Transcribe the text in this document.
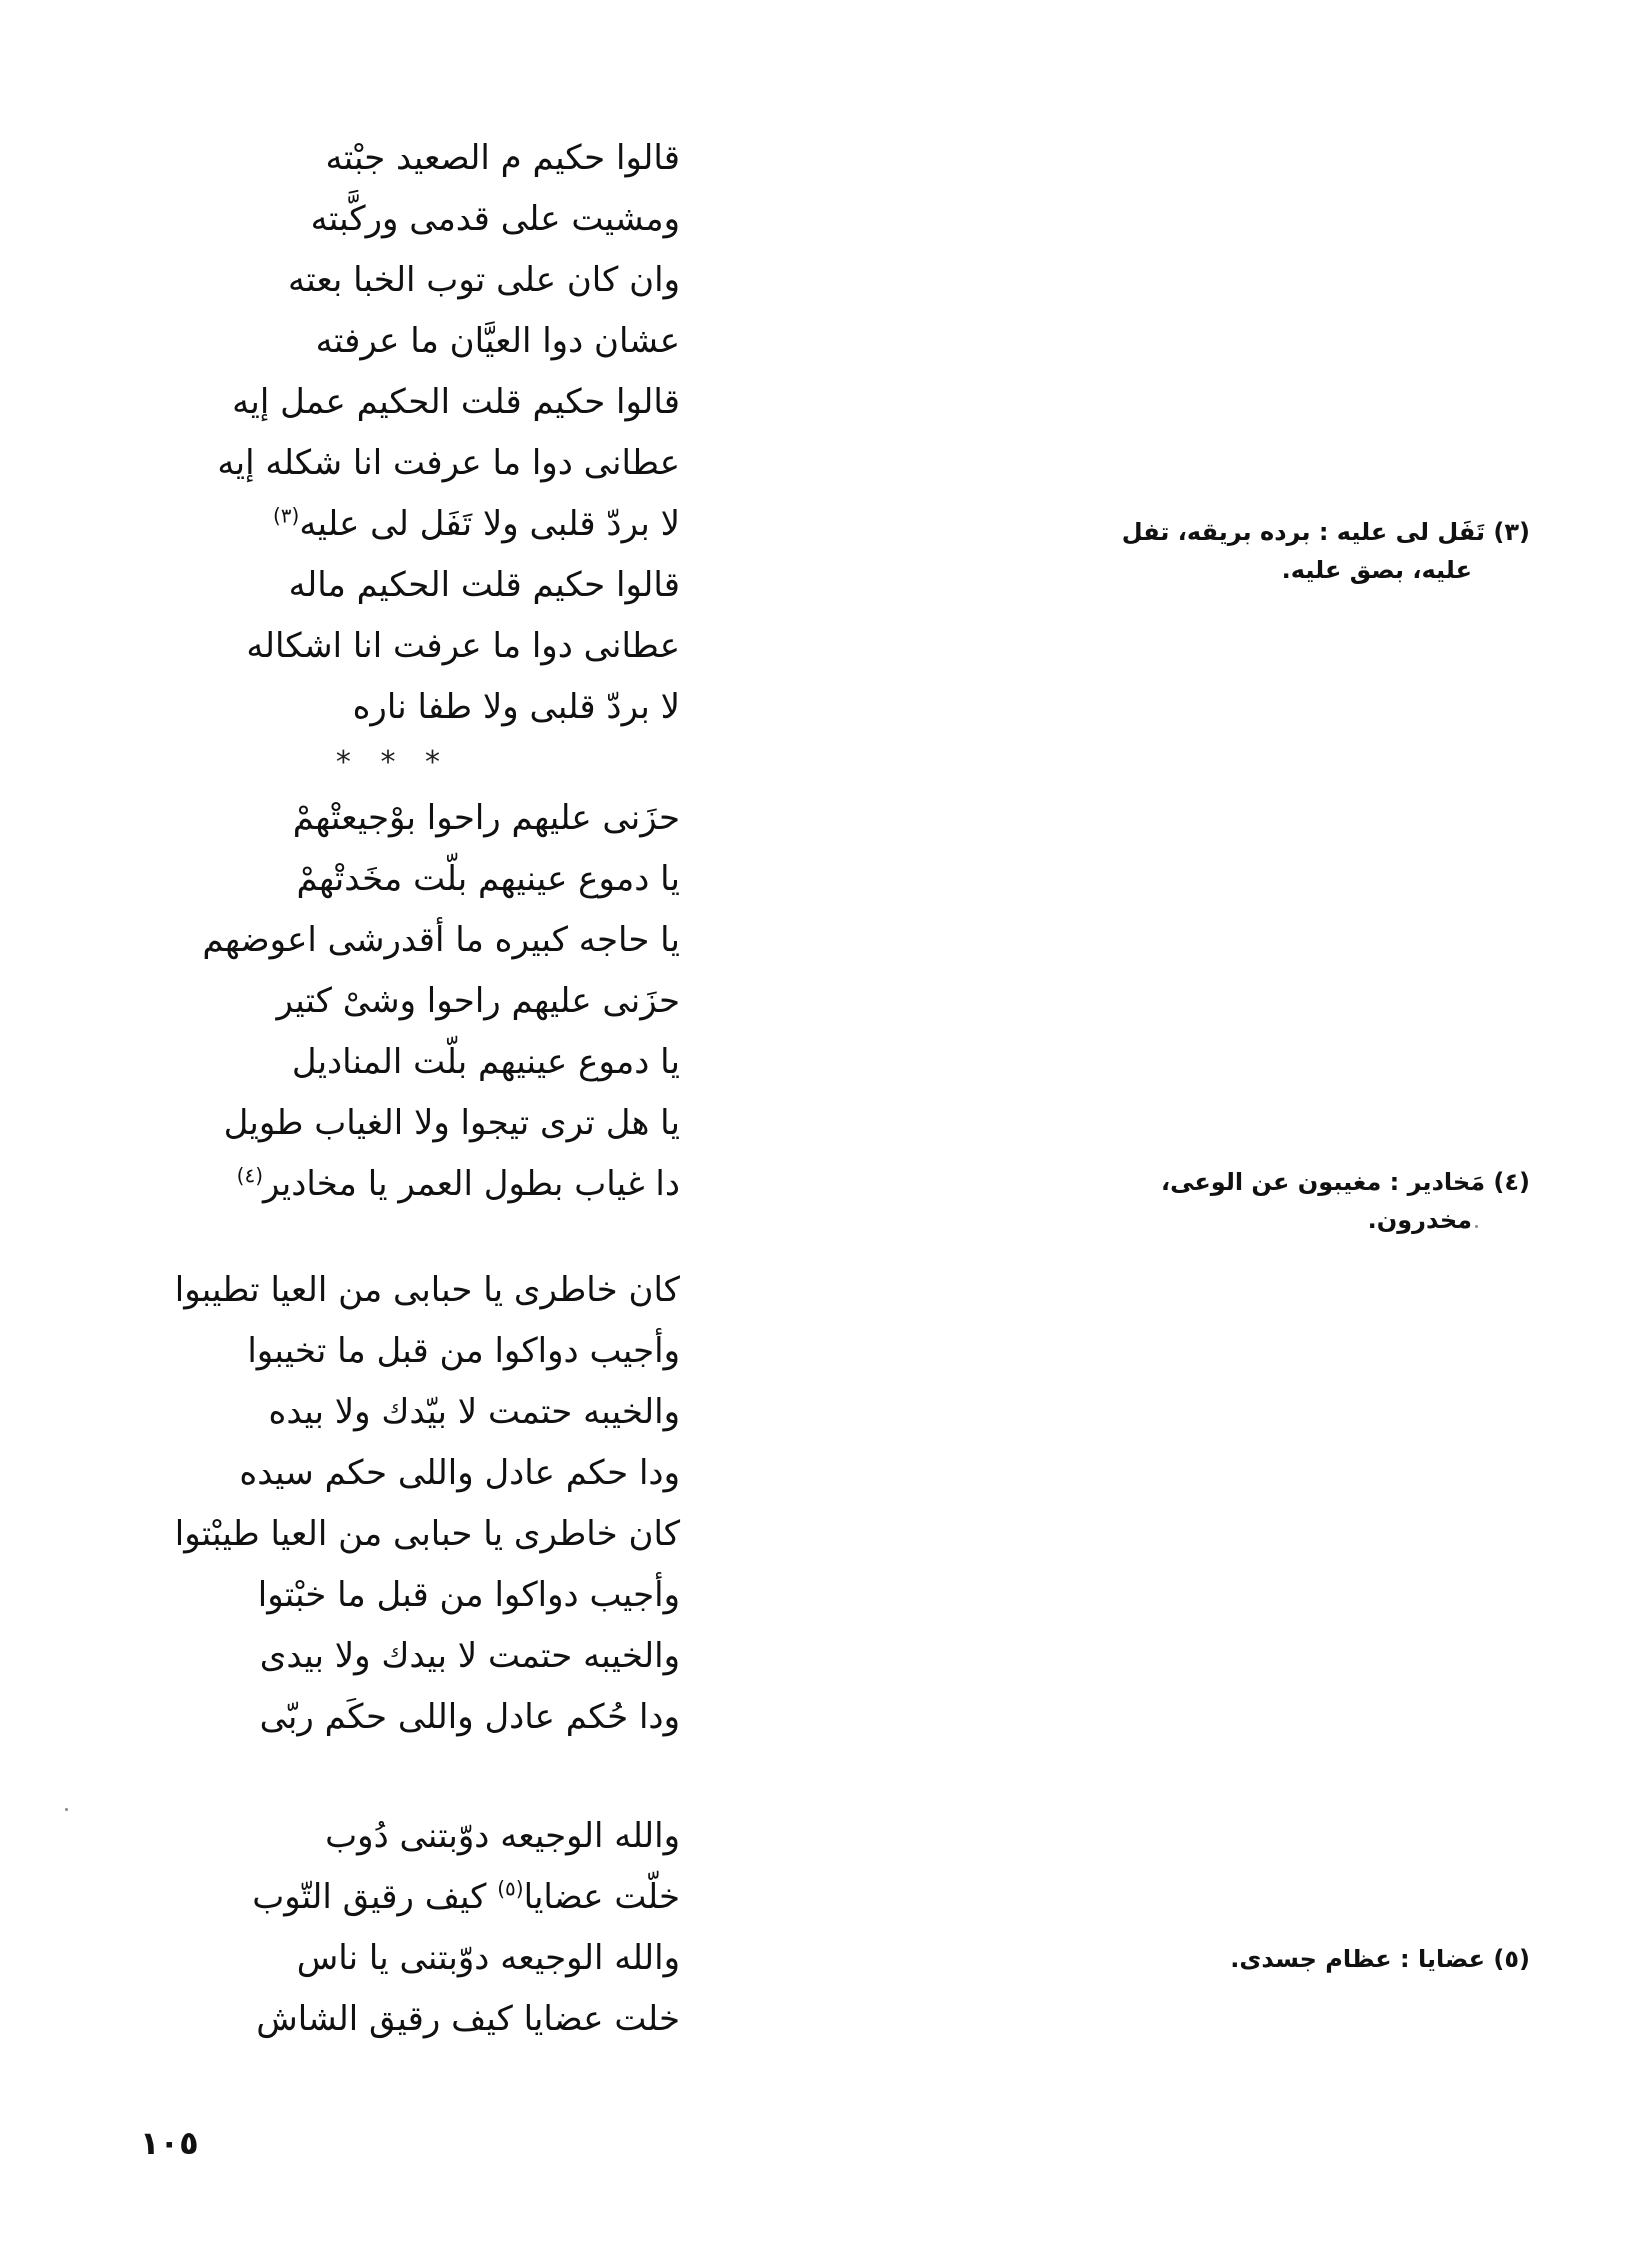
قالوا حكيم م الصعيد جبْته
ومشيت على قدمى وركَّبته
وان كان على توب الخبا بعته
عشان دوا العيَّان ما عرفته
قالوا حكيم قلت الحكيم عمل إيه
عطانى دوا ما عرفت انا شكله إيه
لا بردّ قلبى ولا تَفَل لى عليه$^{(٣)}$
قالوا حكيم قلت الحكيم ماله
عطانى دوا ما عرفت انا اشكاله
لا بردّ قلبى ولا طفا ناره
* * *
حزَنى عليهم راحوا بوْجيعتْهمْ
يا دموع عينيهم بلّت مخَدتْهمْ
يا حاجه كبيره ما أقدرشى اعوضهم
حزَنى عليهم راحوا وشىْ كتير
يا دموع عينيهم بلّت المناديل
يا هل ترى تيجوا ولا الغياب طويل
دا غياب بطول العمر يا مخادير$^{(٤)}$
كان خاطرى يا حبابى من العيا تطيبوا
وأجيب دواكوا من قبل ما تخيبوا
والخيبه حتمت لا بيّدك ولا بيده
ودا حكم عادل واللى حكم سيده
كان خاطرى يا حبابى من العيا طيبْتوا
وأجيب دواكوا من قبل ما خبْتوا
والخيبه حتمت لا بيدك ولا بيدى
ودا حُكم عادل واللى حكَم ربّى
والله الوجيعه دوّبتنى دُوب
خلّت عضايا$^{(٥)}$ كيف رقيق التّوب
والله الوجيعه دوّبتنى يا ناس
خلت عضايا كيف رقيق الشاش
(٣) تَفَل لى عليه : برده بريقه، تفل
عليه، بصق عليه.
(٤) مَخادير : مغيبون عن الوعى،
مخدرون.
(٥) عضايا : عظام جسدى.
١٠٥
